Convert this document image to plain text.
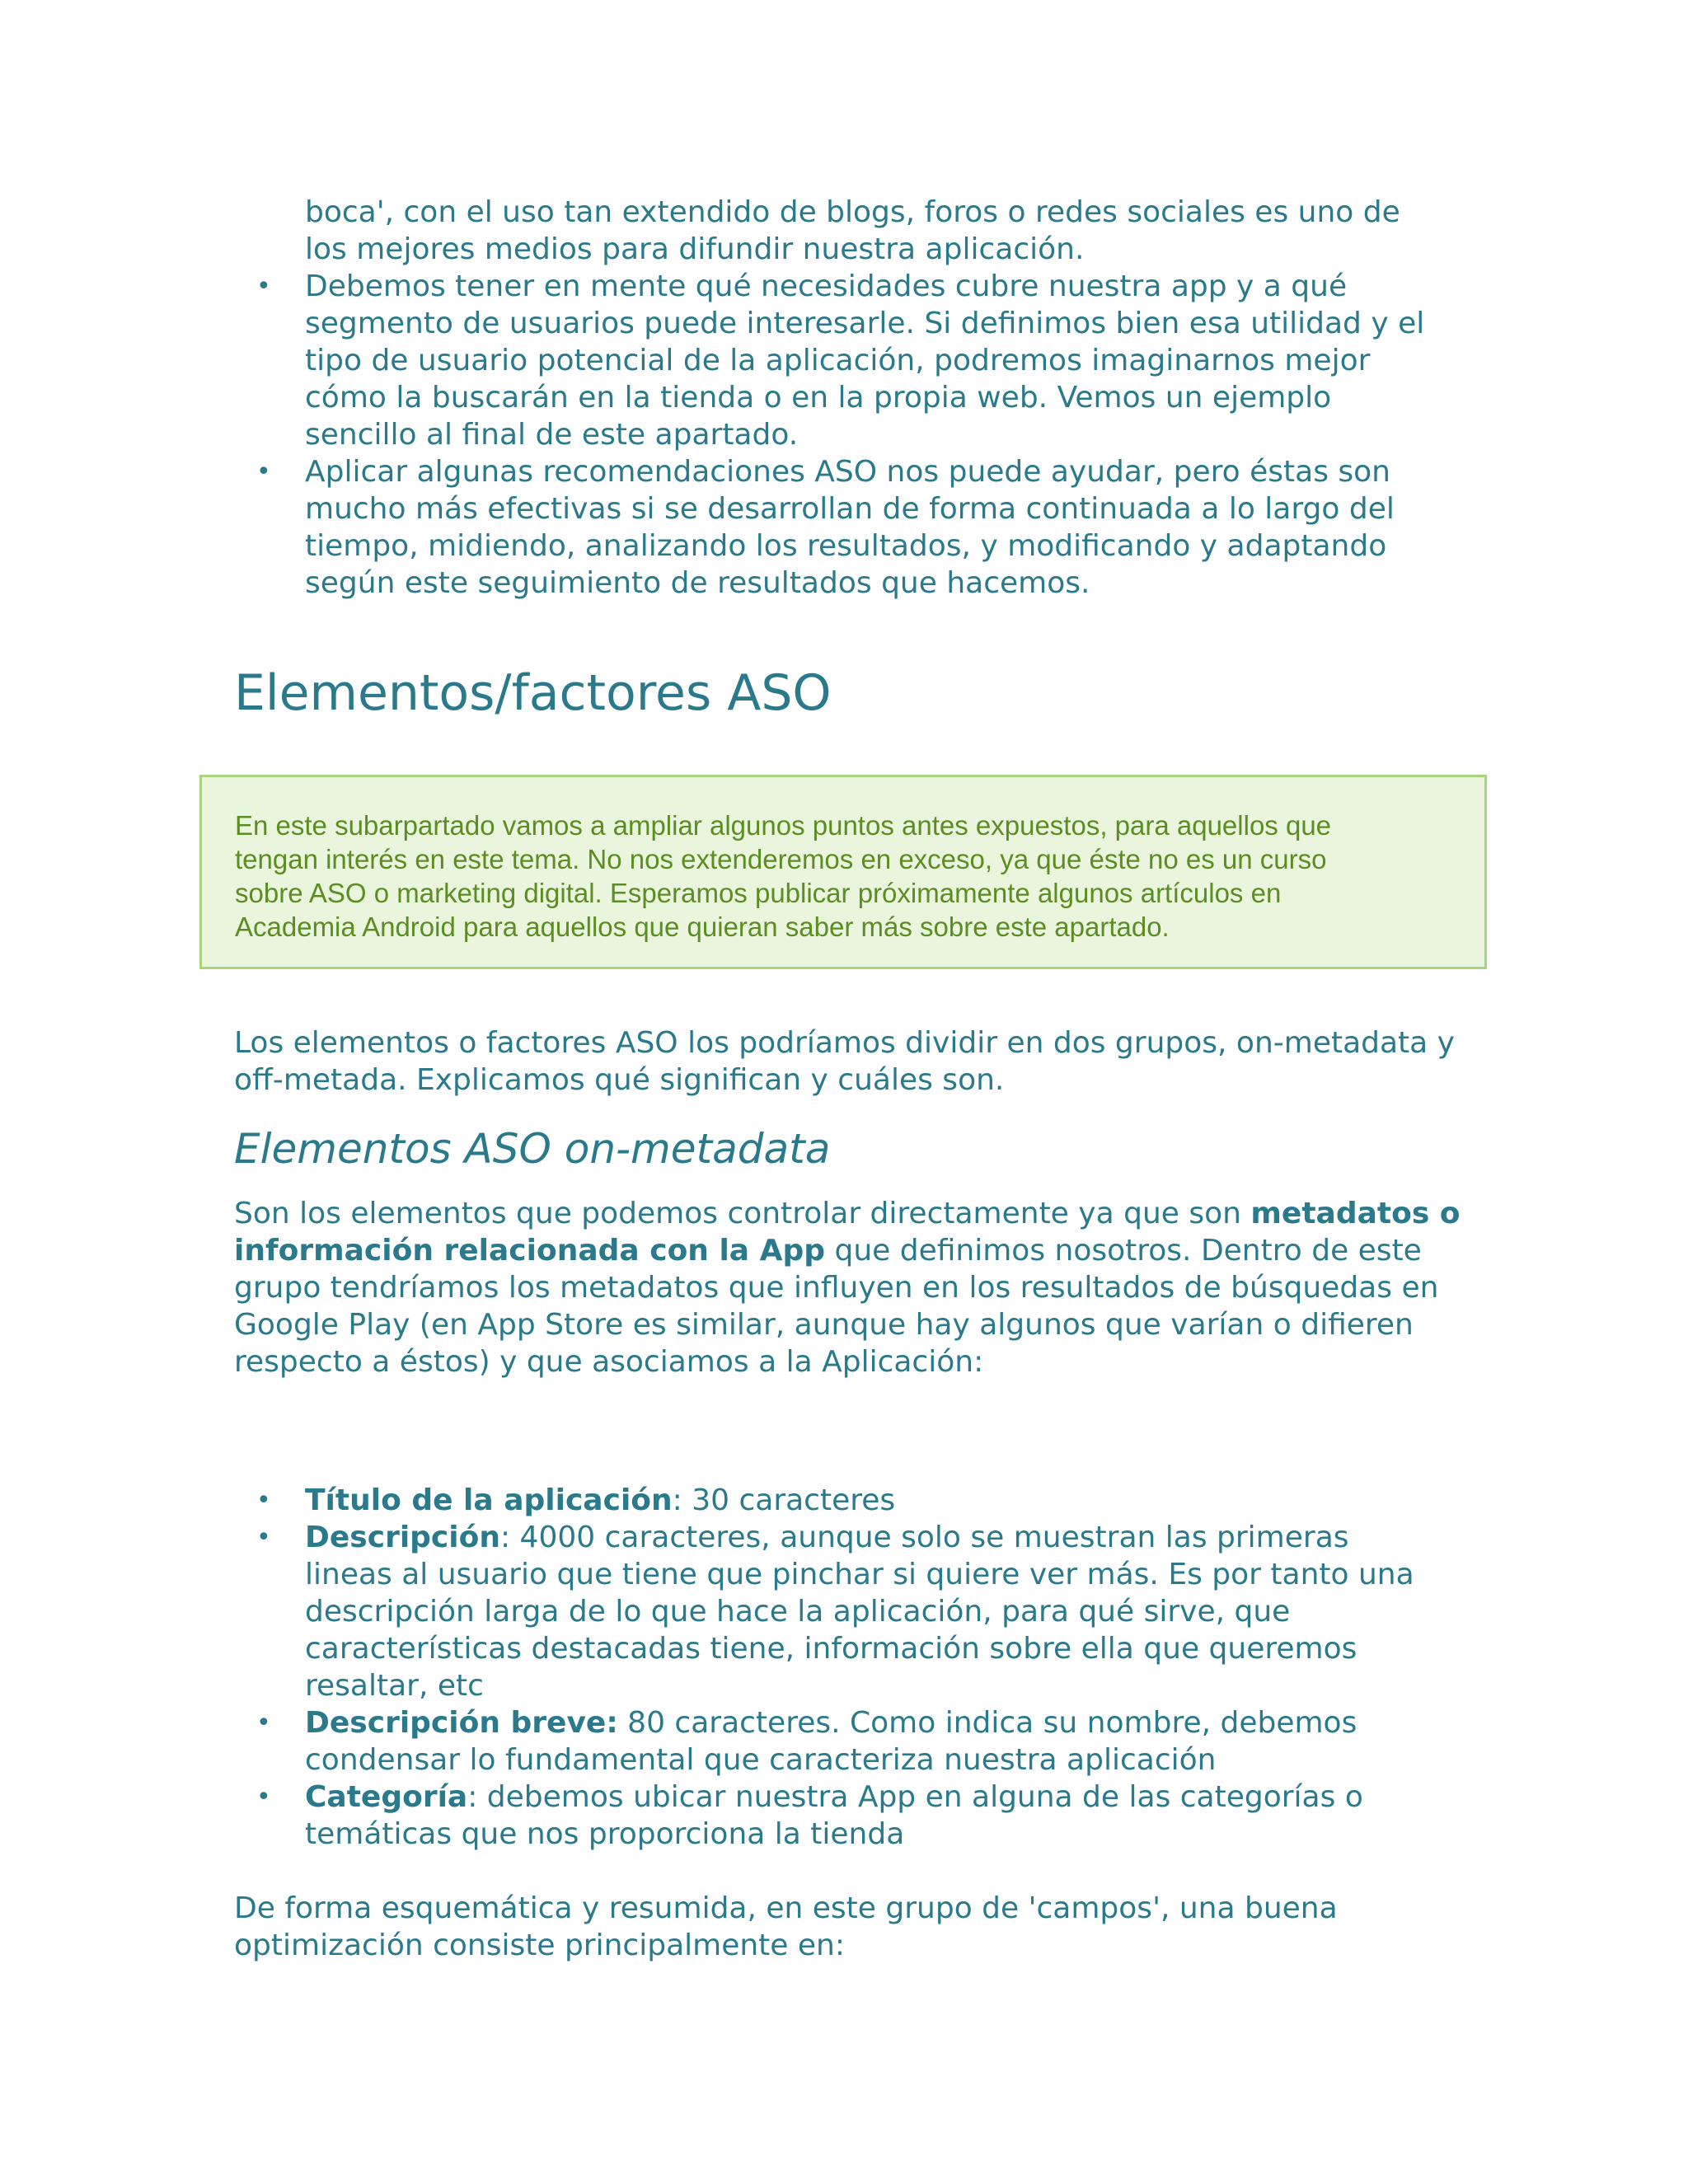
boca', con el uso tan extendido de blogs, foros o redes sociales es uno de
los mejores medios para difundir nuestra aplicación.
• Debemos tener en mente qué necesidades cubre nuestra app y a qué
segmento de usuarios puede interesarle. Si definimos bien esa utilidad y el
tipo de usuario potencial de la aplicación, podremos imaginarnos mejor
cómo la buscarán en la tienda o en la propia web. Vemos un ejemplo
sencillo al final de este apartado.
• Aplicar algunas recomendaciones ASO nos puede ayudar, pero éstas son
mucho más efectivas si se desarrollan de forma continuada a lo largo del
tiempo, midiendo, analizando los resultados, y modificando y adaptando
según este seguimiento de resultados que hacemos.
Elementos/factores ASO
En este subarpartado vamos a ampliar algunos puntos antes expuestos, para aquellos que
tengan interés en este tema. No nos extenderemos en exceso, ya que éste no es un curso
sobre ASO o marketing digital. Esperamos publicar próximamente algunos artículos en
Academia Android para aquellos que quieran saber más sobre este apartado.
Los elementos o factores ASO los podríamos dividir en dos grupos, on-metadata y
off-metada. Explicamos qué significan y cuáles son.
Elementos ASO on-metadata
Son los elementos que podemos controlar directamente ya que son metadatos o
información relacionada con la App que definimos nosotros. Dentro de este
grupo tendríamos los metadatos que influyen en los resultados de búsquedas en
Google Play (en App Store es similar, aunque hay algunos que varían o difieren
respecto a éstos) y que asociamos a la Aplicación:
• Título de la aplicación: 30 caracteres
• Descripción: 4000 caracteres, aunque solo se muestran las primeras
lineas al usuario que tiene que pinchar si quiere ver más. Es por tanto una
descripción larga de lo que hace la aplicación, para qué sirve, que
características destacadas tiene, información sobre ella que queremos
resaltar, etc
• Descripción breve: 80 caracteres. Como indica su nombre, debemos
condensar lo fundamental que caracteriza nuestra aplicación
• Categoría: debemos ubicar nuestra App en alguna de las categorías o
temáticas que nos proporciona la tienda
De forma esquemática y resumida, en este grupo de 'campos', una buena
optimización consiste principalmente en:
